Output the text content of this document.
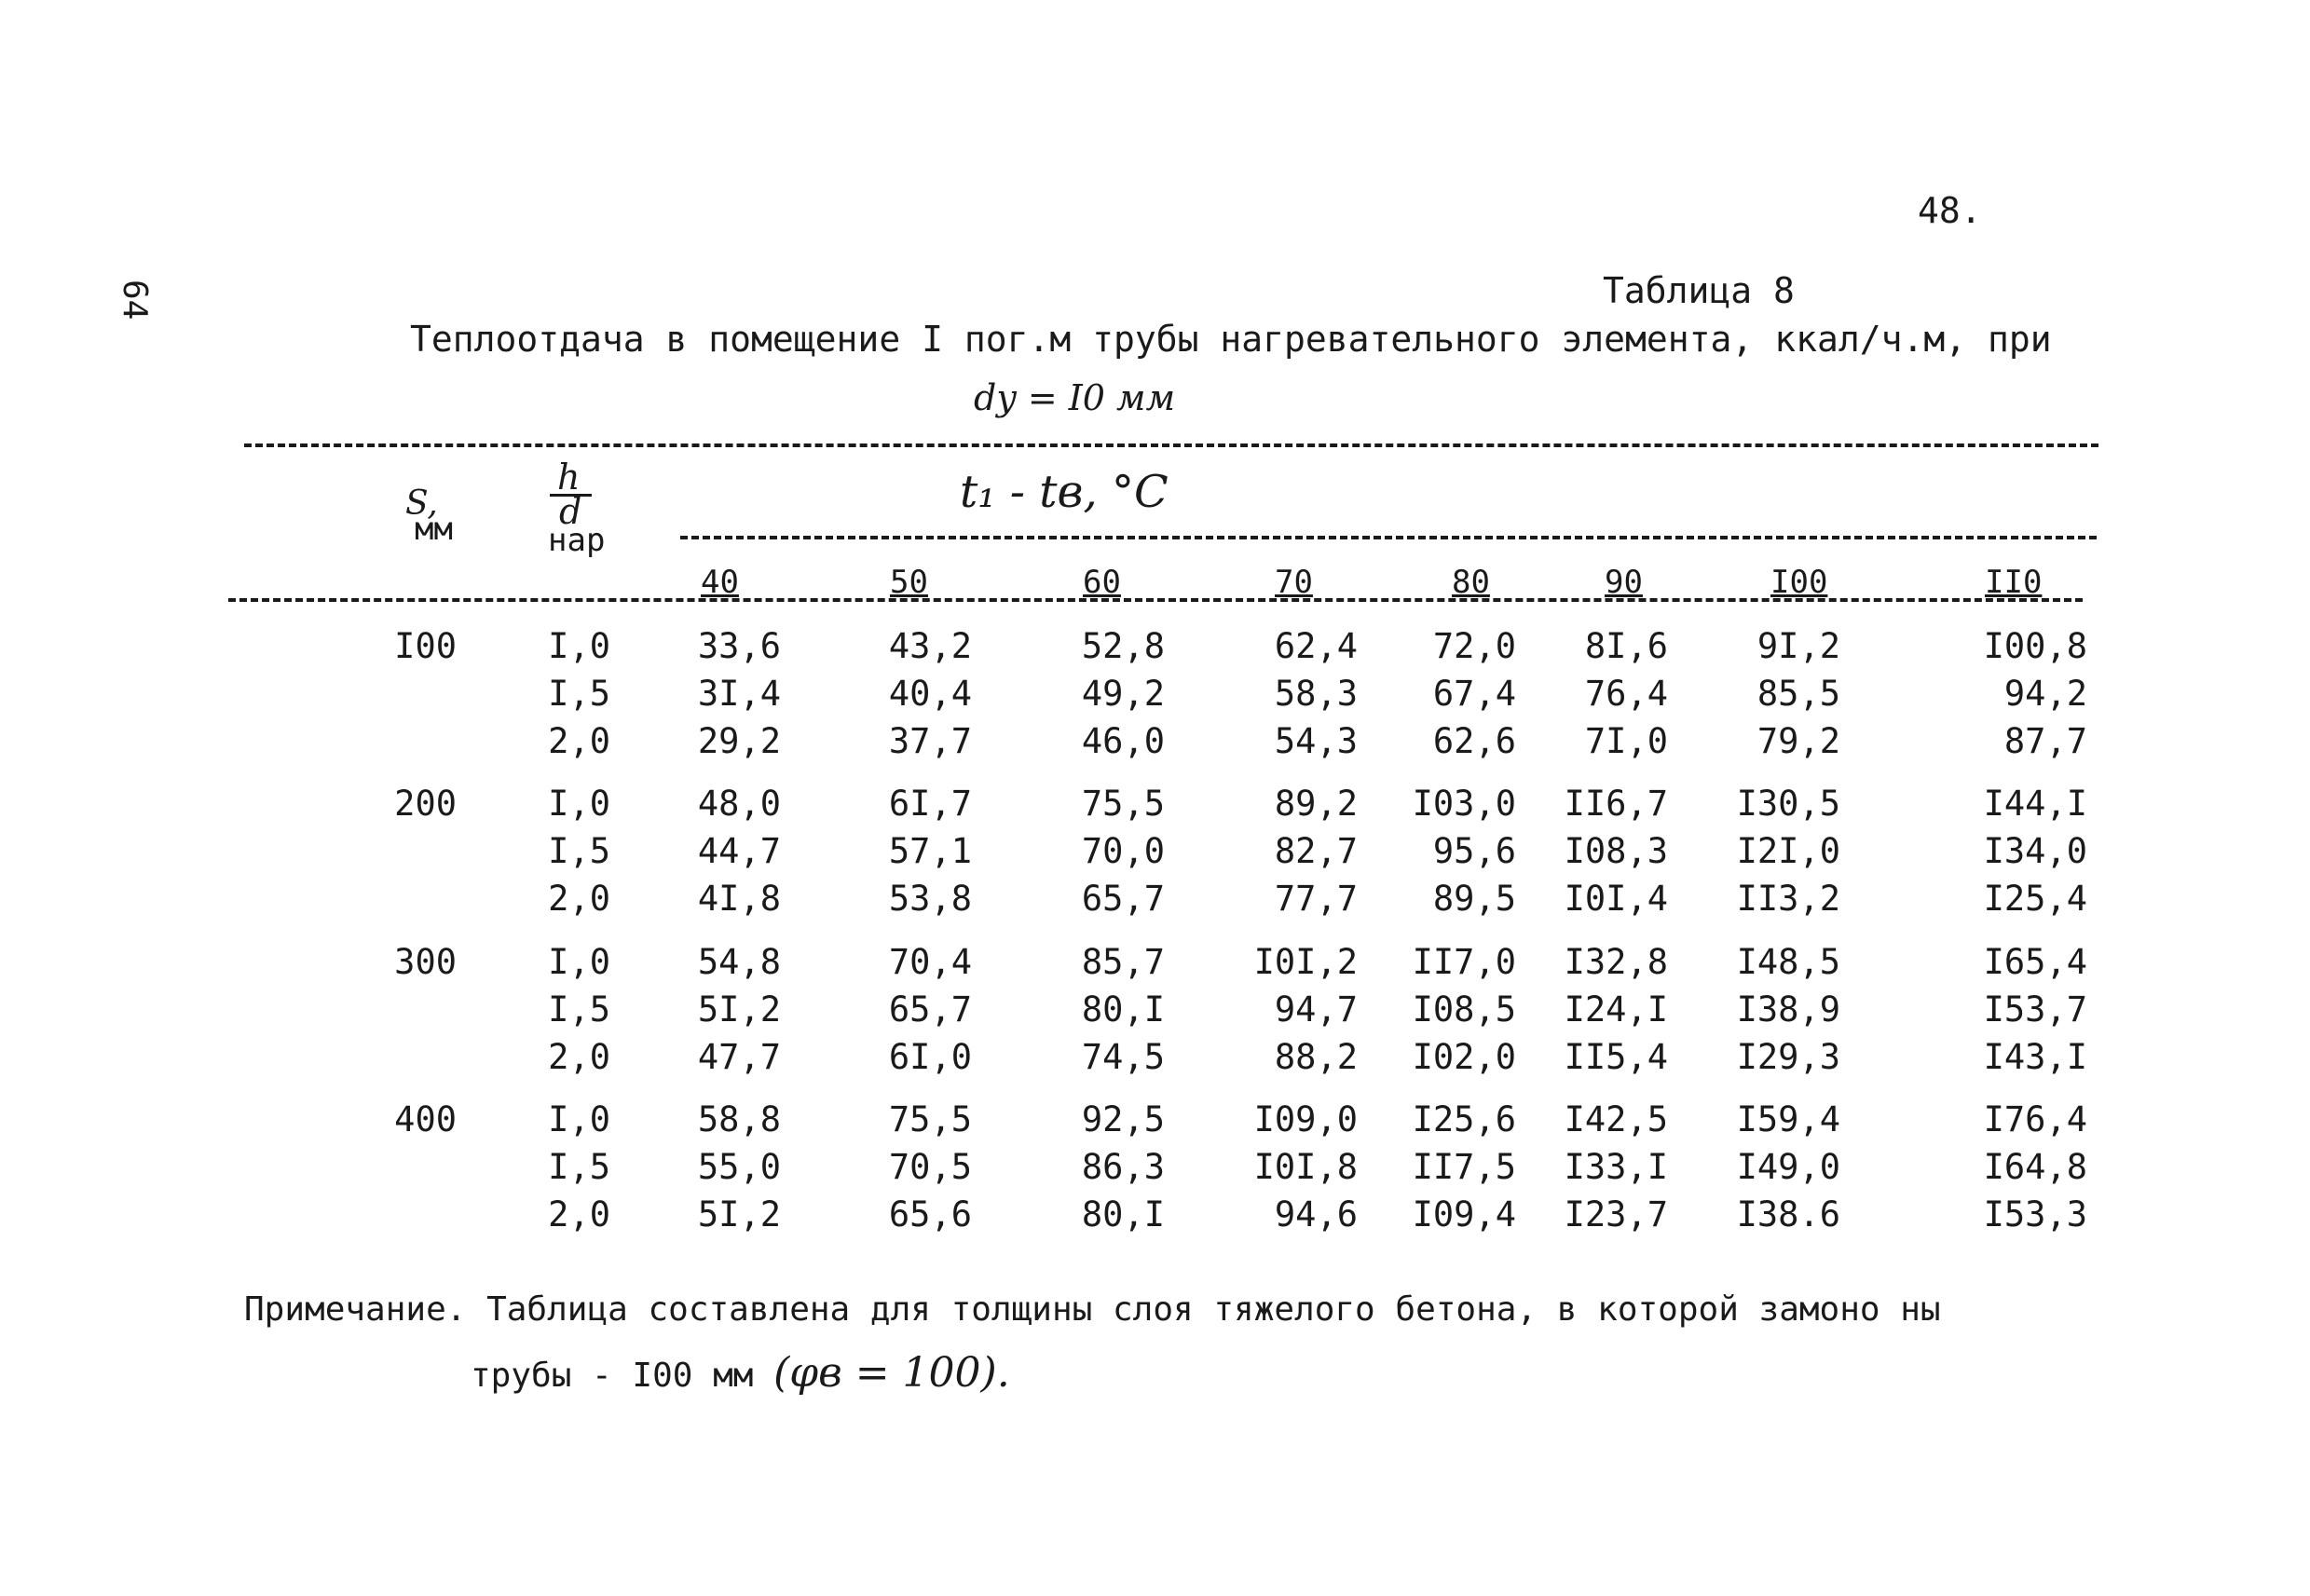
48.
64	Таблица 8
Теплоотдача в помещение I пог.м трубы нагревательного элемента, ккал/ч.м, при
dy = I0 мм
S,
мм
h
d
нар
t₁ - tв, °C
40	50	60	70	80	90	I00	II0
I00	I,0	33,6	43,2	52,8	62,4	72,0	8I,6	9I,2	I00,8
I,5	3I,4	40,4	49,2	58,3	67,4	76,4	85,5	94,2
2,0	29,2	37,7	46,0	54,3	62,6	7I,0	79,2	87,7
200	I,0	48,0	6I,7	75,5	89,2	I03,0	II6,7	I30,5	I44,I
I,5	44,7	57,1	70,0	82,7	95,6	I08,3	I2I,0	I34,0
2,0	4I,8	53,8	65,7	77,7	89,5	I0I,4	II3,2	I25,4
300	I,0	54,8	70,4	85,7	I0I,2	II7,0	I32,8	I48,5	I65,4
I,5	5I,2	65,7	80,I	94,7	I08,5	I24,I	I38,9	I53,7
2,0	47,7	6I,0	74,5	88,2	I02,0	II5,4	I29,3	I43,I
400	I,0	58,8	75,5	92,5	I09,0	I25,6	I42,5	I59,4	I76,4
I,5	55,0	70,5	86,3	I0I,8	II7,5	I33,I	I49,0	I64,8
2,0	5I,2	65,6	80,I	94,6	I09,4	I23,7	I38.6	I53,3
Примечание. Таблица составлена для толщины слоя тяжелого бетона, в которой замоно ны
трубы - I00 мм (φв = 100).
